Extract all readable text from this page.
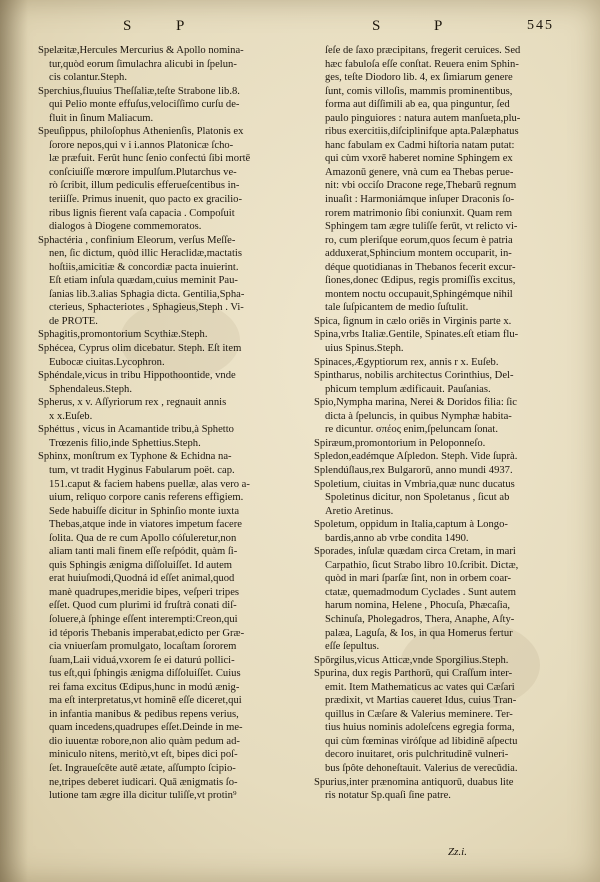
S	P	S	P	545
Spelæitæ,Hercules Mercurius & Apollo nomina-
tur,quòd eorum ſimulachra alicubi in ſpelun-
cis colantur.Steph.
Sperchius,fluuius Theſſaliæ,teſte Strabone lib.8.
qui Pelio monte effuſus,velociſſimo curſu de-
fluit in ſinum Maliacum.
Speuſippus, philoſophus Athenienſis, Platonis ex
ſorore nepos,qui v i i.annos Platonicæ ſcho-
læ præfuit. Ferût hunc ſenio confectú ſibi mortē
conſciuiſſe mœrore impulſum.Plutarchus ve-
rò ſcribit, illum pediculis efferueſcentibus in-
teriiſſe. Primus inuenit, quo pacto ex gracilio-
ribus lignis fierent vaſa capacia . Compoſuit
dialogos à Diogene commemoratos.
Sphactéria , confinium Eleorum, verſus Meſſe-
nen, ſic dictum, quòd illic Heraclidæ,mactatis
hoſtiis,amicitiæ & concordiæ pacta inuierint.
Eſt etiam inſula quædam,cuius meminit Pau-
ſanias lib.3.alias Sphagia dicta. Gentilia,Spha-
cterieus, Sphacteriotes , Sphagieus,Steph . Vi-
de PROTE.
Sphagitis,promontorium Scythiæ.Steph.
Sphécea, Cyprus olim dicebatur. Steph. Eſt item
Eubocæ ciuitas.Lycophron.
Sphéndale,vicus in tribu Hippothoontide, vnde
Sphendaleus.Steph.
Spherus, x v. Aſſyriorum rex , regnauit annis
x x.Euſeb.
Sphéttus , vicus in Acamantide tribu,à Sphetto
Trœzenis filio,inde Sphettius.Steph.
Sphinx, monſtrum ex Typhone & Echidna na-
tum, vt tradit Hyginus Fabularum poët. cap.
151.caput & faciem habens puellæ, alas vero a-
uium, reliquo corpore canis referens effigiem.
Sede habuiſſe dicitur in Sphinſio monte iuxta
Thebas,atque inde in viatores impetum facere
ſolita. Qua de re cum Apollo cóſuleretur,non
aliam tanti mali finem eſſe reſpódit, quàm ſi-
quis Sphingis ænigma diſſoluiſſet. Id autem
erat huiuſmodi,Quodná id eſſet animal,quod
manè quadrupes,meridie bipes, veſperi tripes
eſſet. Quod cum plurimi id fruſtrà conati diſ-
ſoluere,à ſphinge eſſent interempti:Creon,qui
id téporis Thebanis imperabat,edicto per Græ-
cia vniuerſam promulgato, locaſtam ſororem
ſuam,Laii viduá,vxorem ſe ei daturú pollici-
tus eſt,qui ſphingis ænigma diſſoluiſſet. Cuius
rei fama excitus Œdipus,hunc in modú ænig-
ma eſt interpretatus,vt hominē eſſe diceret,qui
in infantia manibus & pedibus repens verius,
quam incedens,quadrupes eſſet.Deinde in me-
dio iuuentæ robore,non alio quàm pedum ad-
miniculo nitens, meritò,vt eſt, bipes dici poſ-
ſet. Ingraueſcēte autē ætate, aſſumpto ſcipio-
ne,tripes deberet iudicari. Quā ænigmatis ſo-
lutione tam ægre illa dicitur tuliſſe,vt protin⁹
ſeſe de ſaxo præcipitans, fregerit ceruices. Sed
hæc fabuloſa eſſe conſtat. Reuera enim Sphin-
ges, teſte Diodoro lib. 4, ex ſimiarum genere
ſunt, comis villoſis, mammis prominentibus,
forma aut diſſimili ab ea, qua pinguntur, ſed
paulo pinguiores : natura autem manſueta,plu-
ribus exercitiis,diſciplinifque apta.Palæphatus
hanc fabulam ex Cadmi hiſtoria natam putat:
qui cùm vxorē haberet nomine Sphingem ex
Amazonū genere, vnà cum ea Thebas perue-
nit: vbi occiſo Dracone rege,Thebarū regnum
inuaſit : Harmoniámque inſuper Draconis ſo-
rorem matrimonio ſibi coniunxit. Quam rem
Sphingem tam ægre tuliſſe ferūt, vt relicto vi-
ro, cum pleriſque eorum,quos ſecum è patria
adduxerat,Sphincium montem occuparit, in-
déque quotidianas in Thebanos fecerit excur-
ſiones,donec Œdipus, regis promiſſis excitus,
montem noctu occupauit,Sphingémque nihil
tale ſuſpicantem de medio ſuſtulit.
Spica, ſignum in cælo oriēs in Virginis parte x.
Spina,vrbs Italiæ.Gentile, Spinates.eſt etiam flu-
uius Spinus.Steph.
Spinaces,Ægyptiorum rex, annis r x. Euſeb.
Spintharus, nobilis architectus Corinthius, Del-
phicum templum ædificauit. Pauſanias.
Spio,Nympha marina, Nerei & Doridos filia: ſic
dicta à ſpeluncis, in quibus Nymphæ habita-
re dicuntur. σπέος enim,ſpeluncam ſonat.
Spiræum,promontorium in Peloponneſo.
Spledon,eadémque Aſpledon. Steph. Vide ſuprà.
Splendúſlaus,rex Bulgarorū, anno mundi 4937.
Spoletium, ciuitas in Vmbria,quæ nunc ducatus
Spoletinus dicitur, non Spoletanus , ſicut ab
Aretio Aretinus.
Spoletum, oppidum in Italia,captum à Longo-
bardis,anno ab vrbe condita 1490.
Sporades, inſulæ quædam circa Cretam, in mari
Carpathio, ſicut Strabo libro 10.ſcribit. Dictæ,
quòd in mari ſparſæ ſint, non in orbem coar-
ctatæ, quemadmodum Cyclades . Sunt autem
harum nomina, Helene , Phocuſa, Phæcaſia,
Schinuſa, Pholegadros, Thera, Anaphe, Aſty-
palæa, Laguſa, & Ios, in qua Homerus fertur
eſſe ſepultus.
Spōrgilus,vicus Atticæ,vnde Sporgilius.Steph.
Spurina, dux regis Parthorū, qui Craſſum inter-
emit. Item Mathematicus ac vates qui Cæſari
prædixit, vt Martias caueret Idus, cuius Tran-
quillus in Cæſare & Valerius meminere. Ter-
tius huius nominis adoleſcens egregia forma,
qui cùm fœminas viróſque ad libidinē aſpectu
decoro inuitaret, oris pulchritudinē vulneri-
bus ſpôte dehoneſtauit. Valerius de verecūdia.
Spurius,inter prænomina antiquorū, duabus lite
ris notatur Sp.quaſi ſine patre.
Zz.i.
